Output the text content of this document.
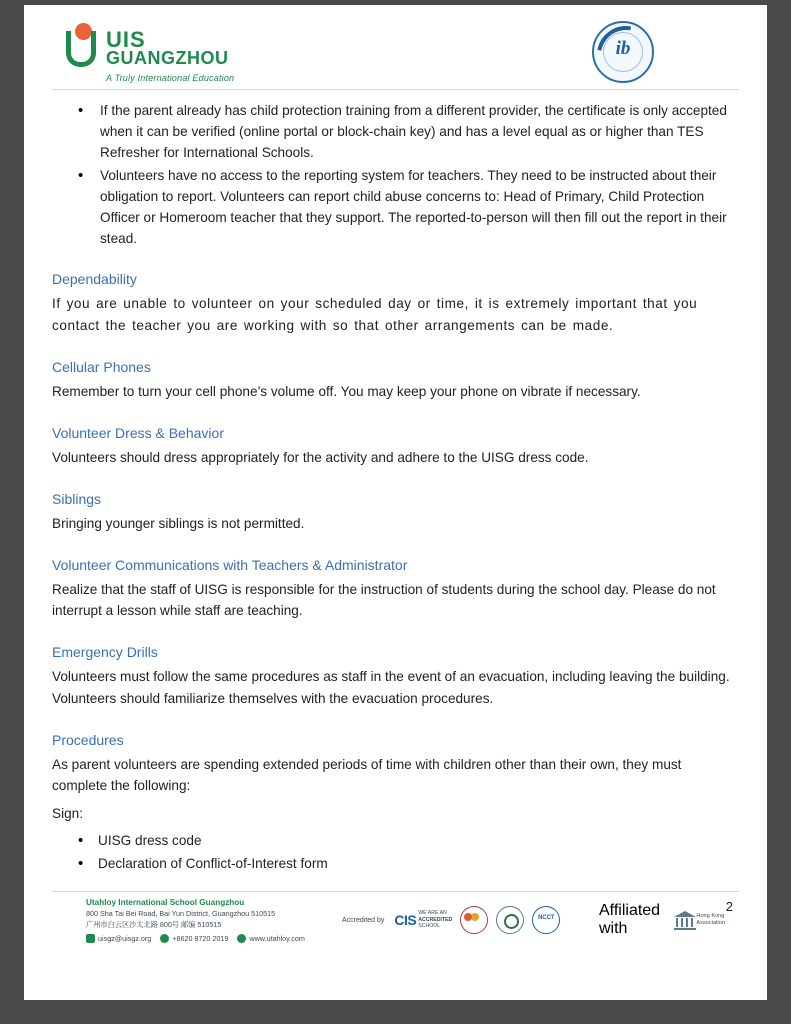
UIS
GUANGZHOU
A Truly International Education
ib
• If the parent already has child protection training from a different provider, the certificate is only accepted when it can be verified (online portal or block-chain key) and has a level equal as or higher than TES Refresher for International Schools.
• Volunteers have no access to the reporting system for teachers. They need to be instructed about their obligation to report. Volunteers can report child abuse concerns to: Head of Primary, Child Protection Officer or Homeroom teacher that they support. The reported-to-person will then fill out the report in their stead.
Dependability

If you are unable to volunteer on your scheduled day or time, it is extremely important that you contact the teacher you are working with so that other arrangements can be made.

Cellular Phones

Remember to turn your cell phone’s volume off. You may keep your phone on vibrate if necessary.

Volunteer Dress & Behavior

Volunteers should dress appropriately for the activity and adhere to the UISG dress code.

Siblings

Bringing younger siblings is not permitted.

Volunteer Communications with Teachers & Administrator

Realize that the staff of UISG is responsible for the instruction of students during the school day. Please do not interrupt a lesson while staff are teaching.

Emergency Drills

Volunteers must follow the same procedures as staff in the event of an evacuation, including leaving the building. Volunteers should familiarize themselves with the evacuation procedures.

Procedures

As parent volunteers are spending extended periods of time with children other than their own, they must complete the following:

Sign:

• UISG dress code
• Declaration of Conflict-of-Interest form
2
Utahloy International School Guangzhou
800 Sha Tai Bei Road, Bai Yun District, Guangzhou 510515
广州市白云区沙太北路 800号 邮编 510515
uisgz@uisgz.org	+8620 8720 2019	www.utahloy.com
Accredited by CIS WE ARE AN
ACCREDITED
SCHOOL
NCCT	Affiliated with
Hong Kong Association
